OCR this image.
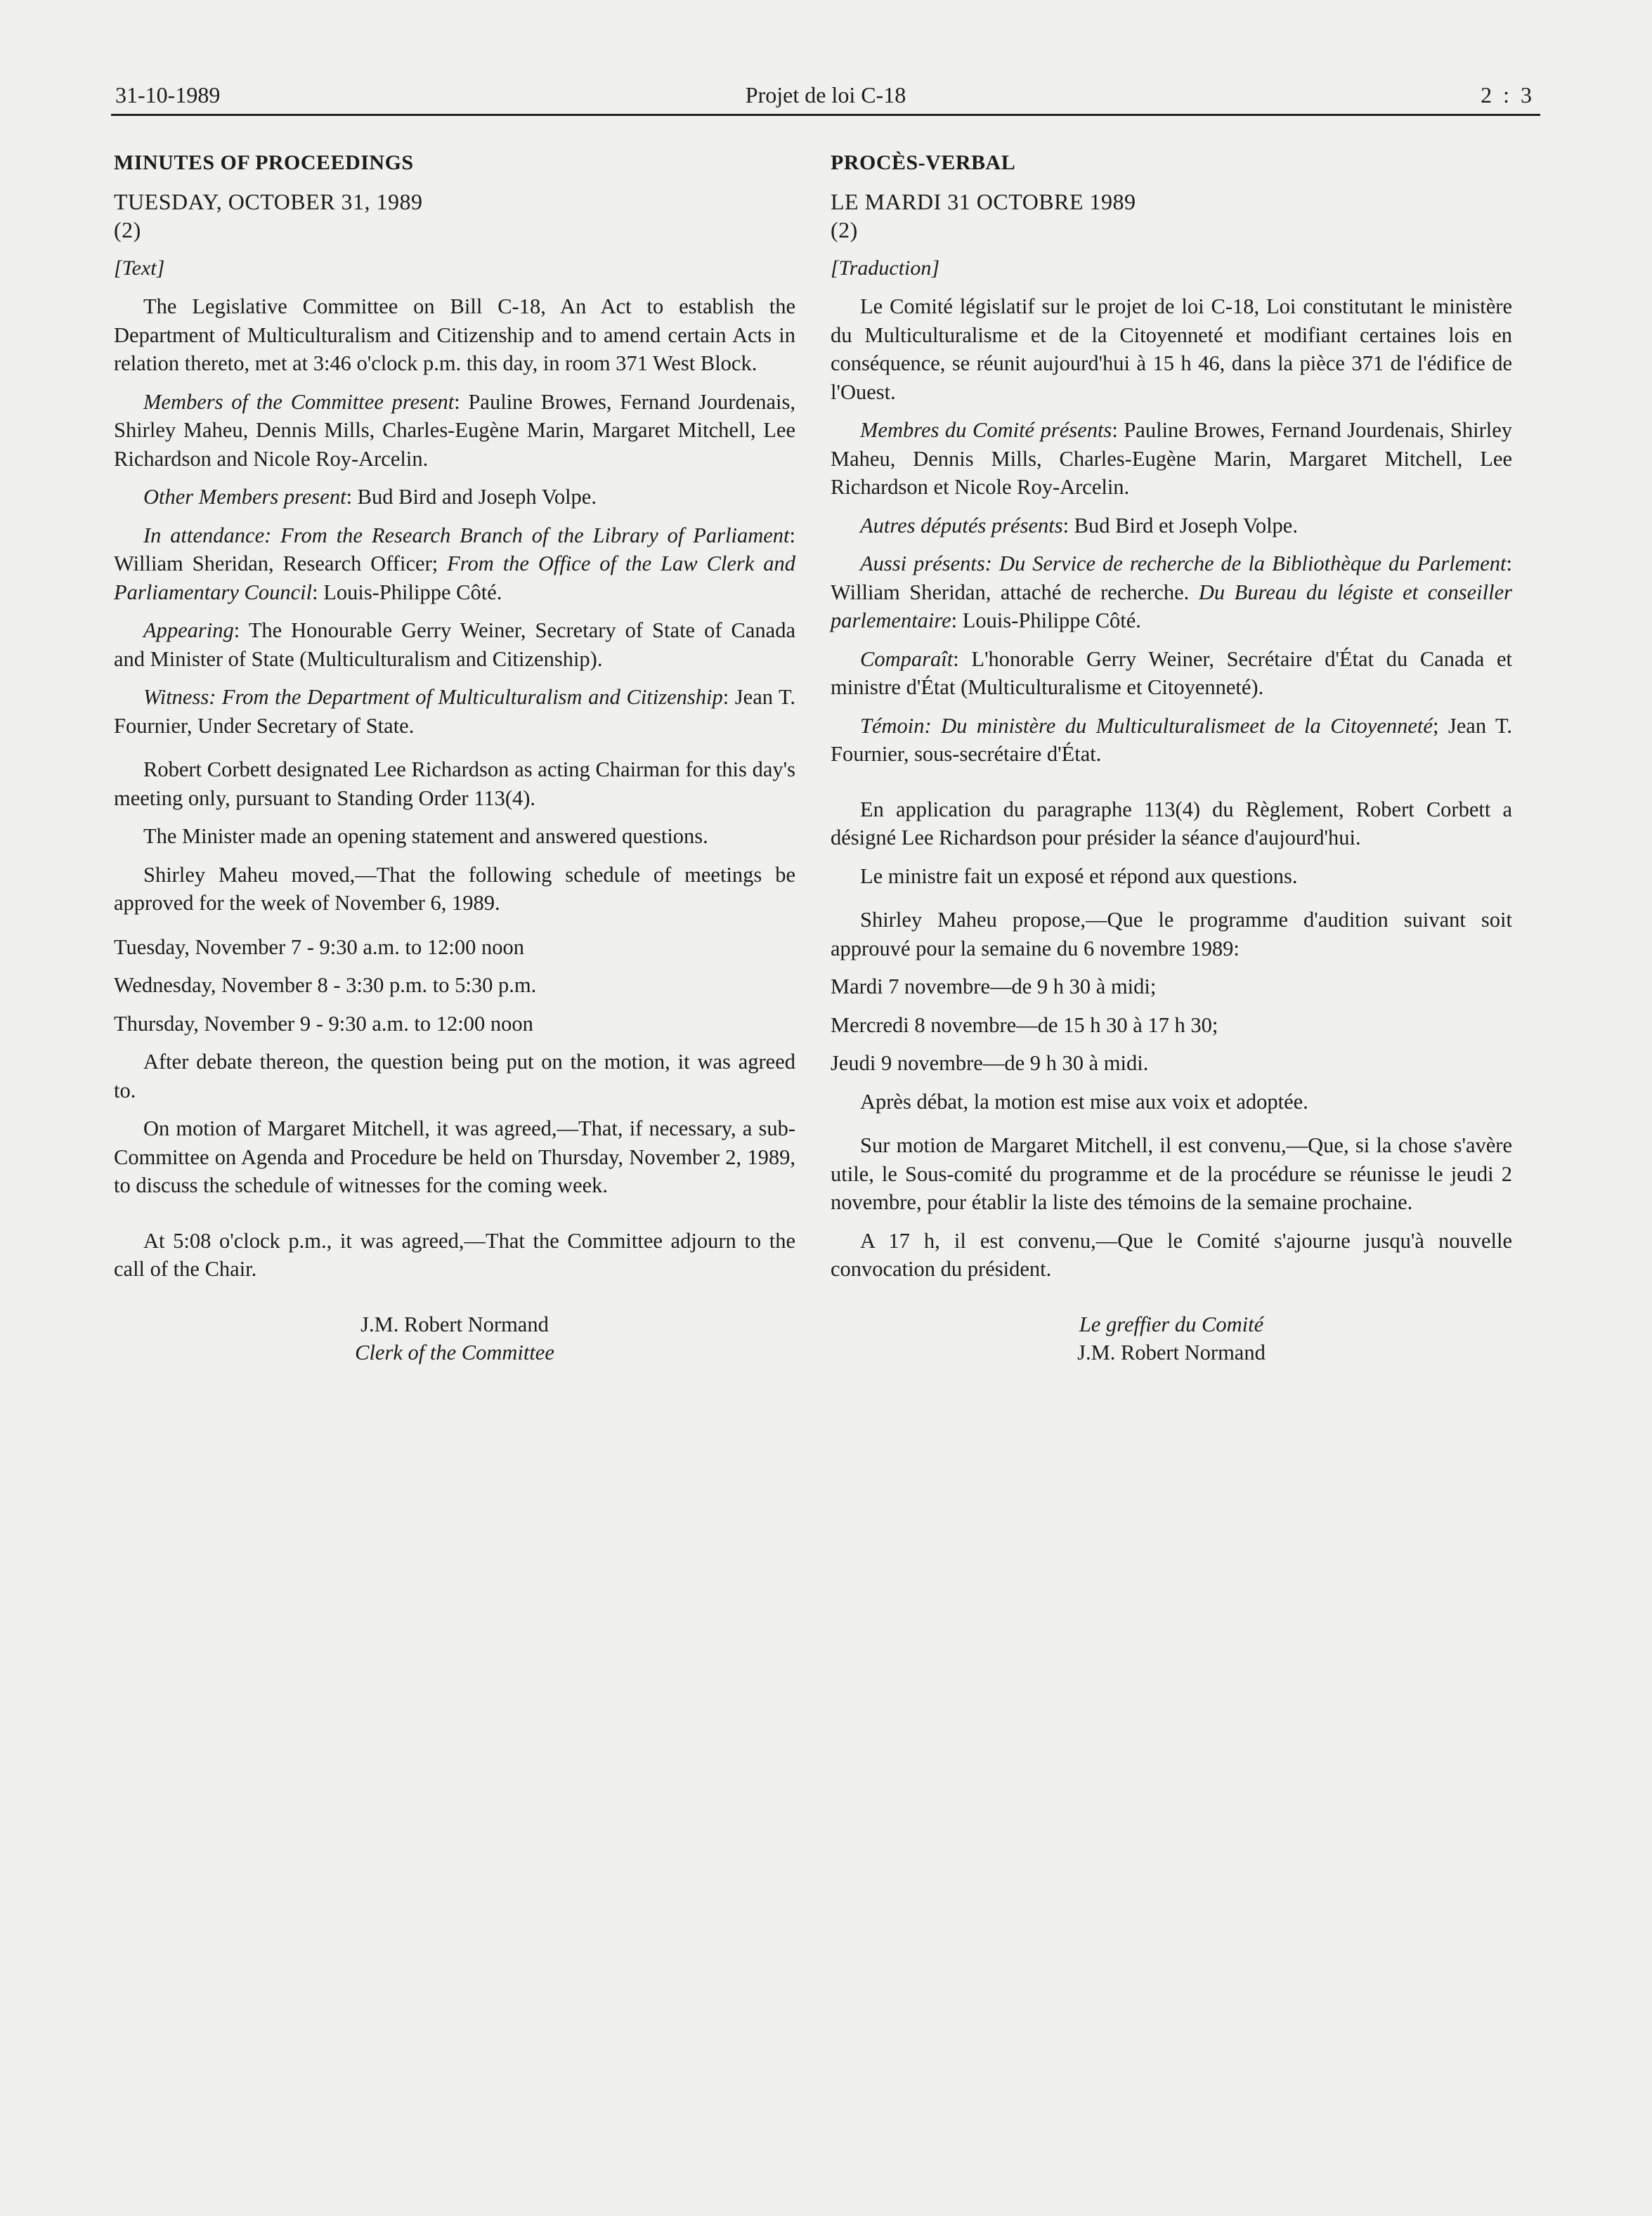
31-10-1989	Projet de loi C-18	2 : 3

MINUTES OF PROCEEDINGS

TUESDAY, OCTOBER 31, 1989

(2)

[Text]

The Legislative Committee on Bill C-18, An Act to establish the Department of Multiculturalism and Citizenship and to amend certain Acts in relation thereto, met at 3:46 o'clock p.m. this day, in room 371 West Block.

Members of the Committee present: Pauline Browes, Fernand Jourdenais, Shirley Maheu, Dennis Mills, Charles-Eugène Marin, Margaret Mitchell, Lee Richardson and Nicole Roy-Arcelin.

Other Members present: Bud Bird and Joseph Volpe.

In attendance: From the Research Branch of the Library of Parliament: William Sheridan, Research Officer; From the Office of the Law Clerk and Parliamentary Council: Louis-Philippe Côté.

Appearing: The Honourable Gerry Weiner, Secretary of State of Canada and Minister of State (Multiculturalism and Citizenship).

Witness: From the Department of Multiculturalism and Citizenship: Jean T. Fournier, Under Secretary of State.

Robert Corbett designated Lee Richardson as acting Chairman for this day's meeting only, pursuant to Standing Order 113(4).

The Minister made an opening statement and answered questions.

Shirley Maheu moved,—That the following schedule of meetings be approved for the week of November 6, 1989.

Tuesday, November 7 - 9:30 a.m. to 12:00 noon

Wednesday, November 8 - 3:30 p.m. to 5:30 p.m.

Thursday, November 9 - 9:30 a.m. to 12:00 noon

After debate thereon, the question being put on the motion, it was agreed to.

On motion of Margaret Mitchell, it was agreed,—That, if necessary, a sub-Committee on Agenda and Procedure be held on Thursday, November 2, 1989, to discuss the schedule of witnesses for the coming week.

At 5:08 o'clock p.m., it was agreed,—That the Committee adjourn to the call of the Chair.

J.M. Robert Normand

Clerk of the Committee

PROCÈS-VERBAL

LE MARDI 31 OCTOBRE 1989

(2)

[Traduction]

Le Comité législatif sur le projet de loi C-18, Loi constitutant le ministère du Multiculturalisme et de la Citoyenneté et modifiant certaines lois en conséquence, se réunit aujourd'hui à 15 h 46, dans la pièce 371 de l'édifice de l'Ouest.

Membres du Comité présents: Pauline Browes, Fernand Jourdenais, Shirley Maheu, Dennis Mills, Charles-Eugène Marin, Margaret Mitchell, Lee Richardson et Nicole Roy-Arcelin.

Autres députés présents: Bud Bird et Joseph Volpe.

Aussi présents: Du Service de recherche de la Bibliothèque du Parlement: William Sheridan, attaché de recherche. Du Bureau du légiste et conseiller parlementaire: Louis-Philippe Côté.

Comparaît: L'honorable Gerry Weiner, Secrétaire d'État du Canada et ministre d'État (Multiculturalisme et Citoyenneté).

Témoin: Du ministère du Multiculturalismeet de la Citoyenneté; Jean T. Fournier, sous-secrétaire d'État.

En application du paragraphe 113(4) du Règlement, Robert Corbett a désigné Lee Richardson pour présider la séance d'aujourd'hui.

Le ministre fait un exposé et répond aux questions.

Shirley Maheu propose,—Que le programme d'audition suivant soit approuvé pour la semaine du 6 novembre 1989:

Mardi 7 novembre—de 9 h 30 à midi;

Mercredi 8 novembre—de 15 h 30 à 17 h 30;

Jeudi 9 novembre—de 9 h 30 à midi.

Après débat, la motion est mise aux voix et adoptée.

Sur motion de Margaret Mitchell, il est convenu,—Que, si la chose s'avère utile, le Sous-comité du programme et de la procédure se réunisse le jeudi 2 novembre, pour établir la liste des témoins de la semaine prochaine.

A 17 h, il est convenu,—Que le Comité s'ajourne jusqu'à nouvelle convocation du président.

Le greffier du Comité

J.M. Robert Normand
